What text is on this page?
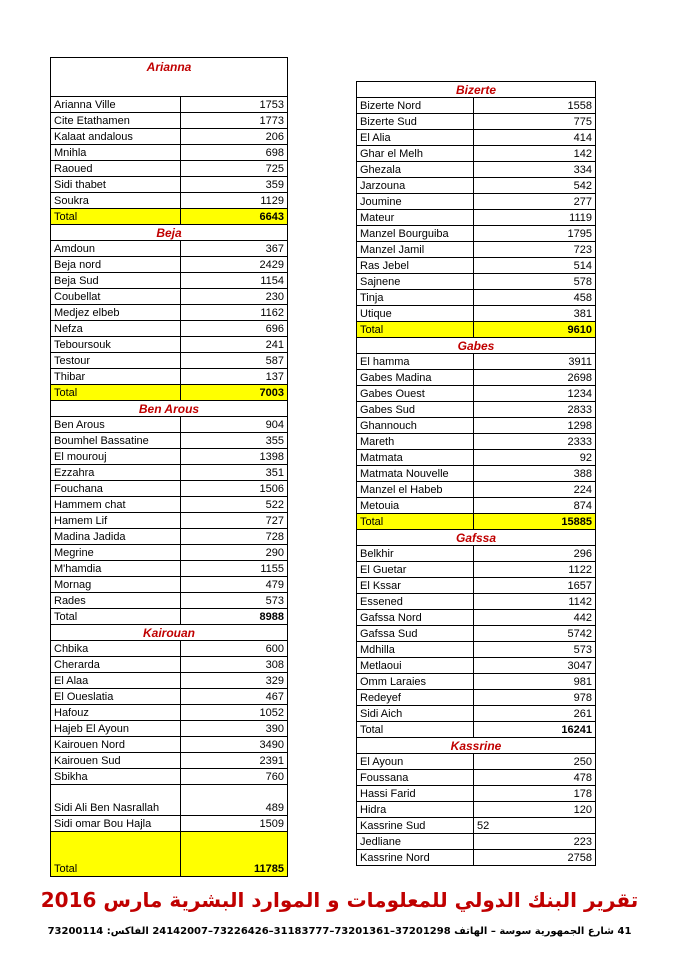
Arianna	
Arianna Ville	1753
Cite Etathamen	1773
Kalaat andalous	206
Mnihla	698
Raoued	725
Sidi thabet	359
Soukra	1129
Total	6643
Beja	
Amdoun	367
Beja nord	2429
Beja Sud	1154
Coubellat	230
Medjez elbeb	1162
Nefza	696
Teboursouk	241
Testour	587
Thibar	137
Total	7003
Ben Arous	
Ben Arous	904
Boumhel Bassatine	355
El mourouj	1398
Ezzahra	351
Fouchana	1506
Hammem chat	522
Hamem Lif	727
Madina Jadida	728
Megrine	290
M'hamdia	1155
Mornag	479
Rades	573
Total	8988
Kairouan	
Chbika	600
Cherarda	308
El Alaa	329
El Oueslatia	467
Hafouz	1052
Hajeb El Ayoun	390
Kairouen Nord	3490
Kairouen Sud	2391
Sbikha	760
Sidi Ali Ben Nasrallah	489
Sidi omar Bou Hajla	1509
Total	11785
Bizerte	
Bizerte Nord	1558
Bizerte Sud	775
El Alia	414
Ghar el Melh	142
Ghezala	334
Jarzouna	542
Joumine	277
Mateur	1119
Manzel Bourguiba	1795
Manzel Jamil	723
Ras Jebel	514
Sajnene	578
Tinja	458
Utique	381
Total	9610
Gabes	
El hamma	3911
Gabes Madina	2698
Gabes Ouest	1234
Gabes Sud	2833
Ghannouch	1298
Mareth	2333
Matmata	92
Matmata Nouvelle	388
Manzel el Habeb	224
Metouia	874
Total	15885
Gafssa	
Belkhir	296
El Guetar	1122
El Kssar	1657
Essened	1142
Gafssa Nord	442
Gafssa Sud	5742
Mdhilla	573
Metlaoui	3047
Omm Laraies	981
Redeyef	978
Sidi Aich	261
Total	16241
Kassrine	
El Ayoun	250
Foussana	478
Hassi Farid	178
Hidra	120
Kassrine Sud	52
Jedliane	223
Kassrine Nord	2758
تقرير البنك الدولي للمعلومات و الموارد البشرية مارس 2016
41 شارع الجمهورية سوسة – الهاتف 37201298–73201361–31183777–73226426–24142007 الفاكس: 73200114
